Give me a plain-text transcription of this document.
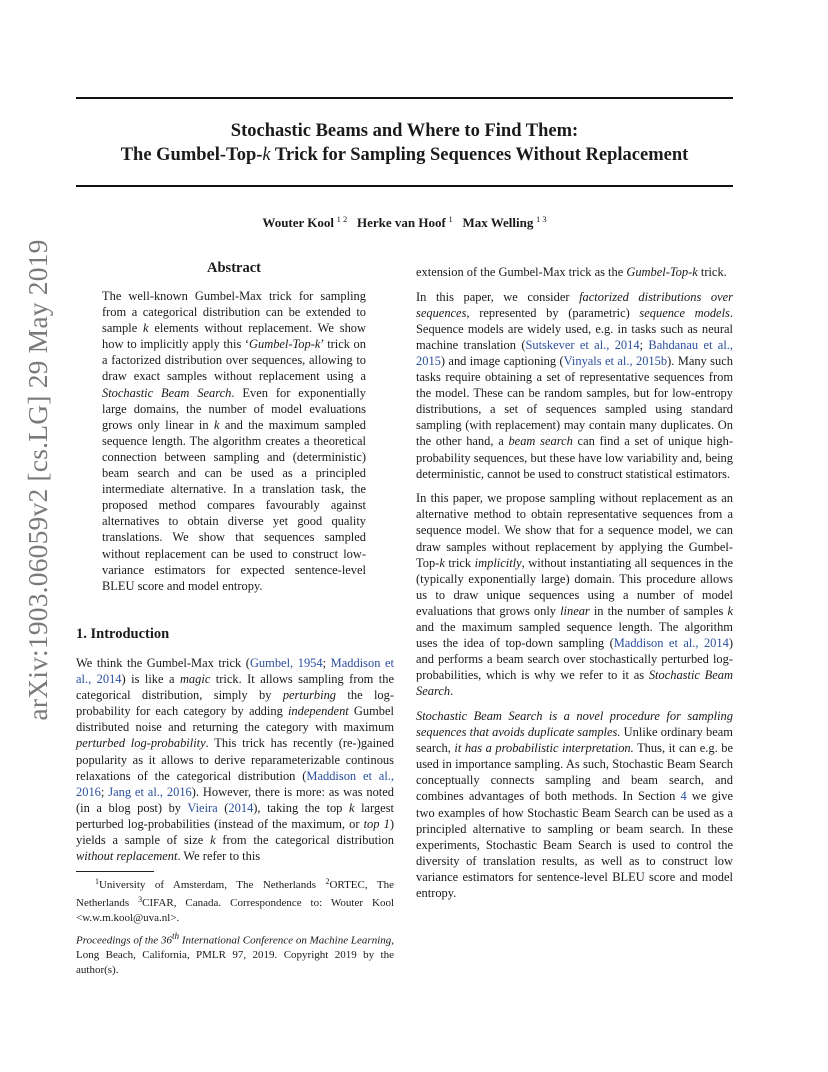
arXiv:1903.06059v2 [cs.LG] 29 May 2019
Stochastic Beams and Where to Find Them:
The Gumbel-Top-k Trick for Sampling Sequences Without Replacement
Wouter Kool  $^{1 2}$ Herke van Hoof  $^1$ Max Welling  $^{1 3}$
Abstract

The well-known Gumbel-Max trick for sampling from a categorical distribution can be extended to sample k elements without replacement. We show how to implicitly apply this ‘Gumbel-Top-k’ trick on a factorized distribution over sequences, allowing to draw exact samples without replacement using a Stochastic Beam Search. Even for exponentially large domains, the number of model evaluations grows only linear in k and the maximum sampled sequence length. The algorithm creates a theoretical connection between sampling and (deterministic) beam search and can be used as a principled intermediate alternative. In a translation task, the proposed method compares favourably against alternatives to obtain diverse yet good quality translations. We show that sequences sampled without replacement can be used to construct low-variance estimators for expected sentence-level BLEU score and model entropy.

1. Introduction

We think the Gumbel-Max trick (Gumbel, 1954; Maddison et al., 2014) is like a magic trick. It allows sampling from the categorical distribution, simply by perturbing the log-probability for each category by adding independent Gumbel distributed noise and returning the category with maximum perturbed log-probability. This trick has recently (re-)gained popularity as it allows to derive reparameterizable continous relaxations of the categorical distribution (Maddison et al., 2016; Jang et al., 2016). However, there is more: as was noted (in a blog post) by Vieira (2014), taking the top k largest perturbed log-probabilities (instead of the maximum, or top 1) yields a sample of size k from the categorical distribution without replacement. We refer to this

$^1$University of Amsterdam, The Netherlands $^2$ORTEC, The Netherlands $^3$CIFAR, Canada. Correspondence to: Wouter Kool <w.w.m.kool@uva.nl>.

Proceedings of the 36th International Conference on Machine Learning, Long Beach, California, PMLR 97, 2019. Copyright 2019 by the author(s).

extension of the Gumbel-Max trick as the Gumbel-Top-k trick.

In this paper, we consider factorized distributions over sequences, represented by (parametric) sequence models. Sequence models are widely used, e.g. in tasks such as neural machine translation (Sutskever et al., 2014; Bahdanau et al., 2015) and image captioning (Vinyals et al., 2015b). Many such tasks require obtaining a set of representative sequences from the model. These can be random samples, but for low-entropy distributions, a set of sequences sampled using standard sampling (with replacement) may contain many duplicates. On the other hand, a beam search can find a set of unique high-probability sequences, but these have low variability and, being deterministic, cannot be used to construct statistical estimators.

In this paper, we propose sampling without replacement as an alternative method to obtain representative sequences from a sequence model. We show that for a sequence model, we can draw samples without replacement by applying the Gumbel-Top-k trick implicitly, without instantiating all sequences in the (typically exponentially large) domain. This procedure allows us to draw unique sequences using a number of model evaluations that grows only linear in the number of samples k and the maximum sampled sequence length. The algorithm uses the idea of top-down sampling (Maddison et al., 2014) and performs a beam search over stochastically perturbed log-probabilities, which is why we refer to it as Stochastic Beam Search.

Stochastic Beam Search is a novel procedure for sampling sequences that avoids duplicate samples. Unlike ordinary beam search, it has a probabilistic interpretation. Thus, it can e.g. be used in importance sampling. As such, Stochastic Beam Search conceptually connects sampling and beam search, and combines advantages of both methods. In Section 4 we give two examples of how Stochastic Beam Search can be used as a principled alternative to sampling or beam search. In these experiments, Stochastic Beam Search is used to control the diversity of translation results, as well as to construct low variance estimators for sentence-level BLEU score and model entropy.
